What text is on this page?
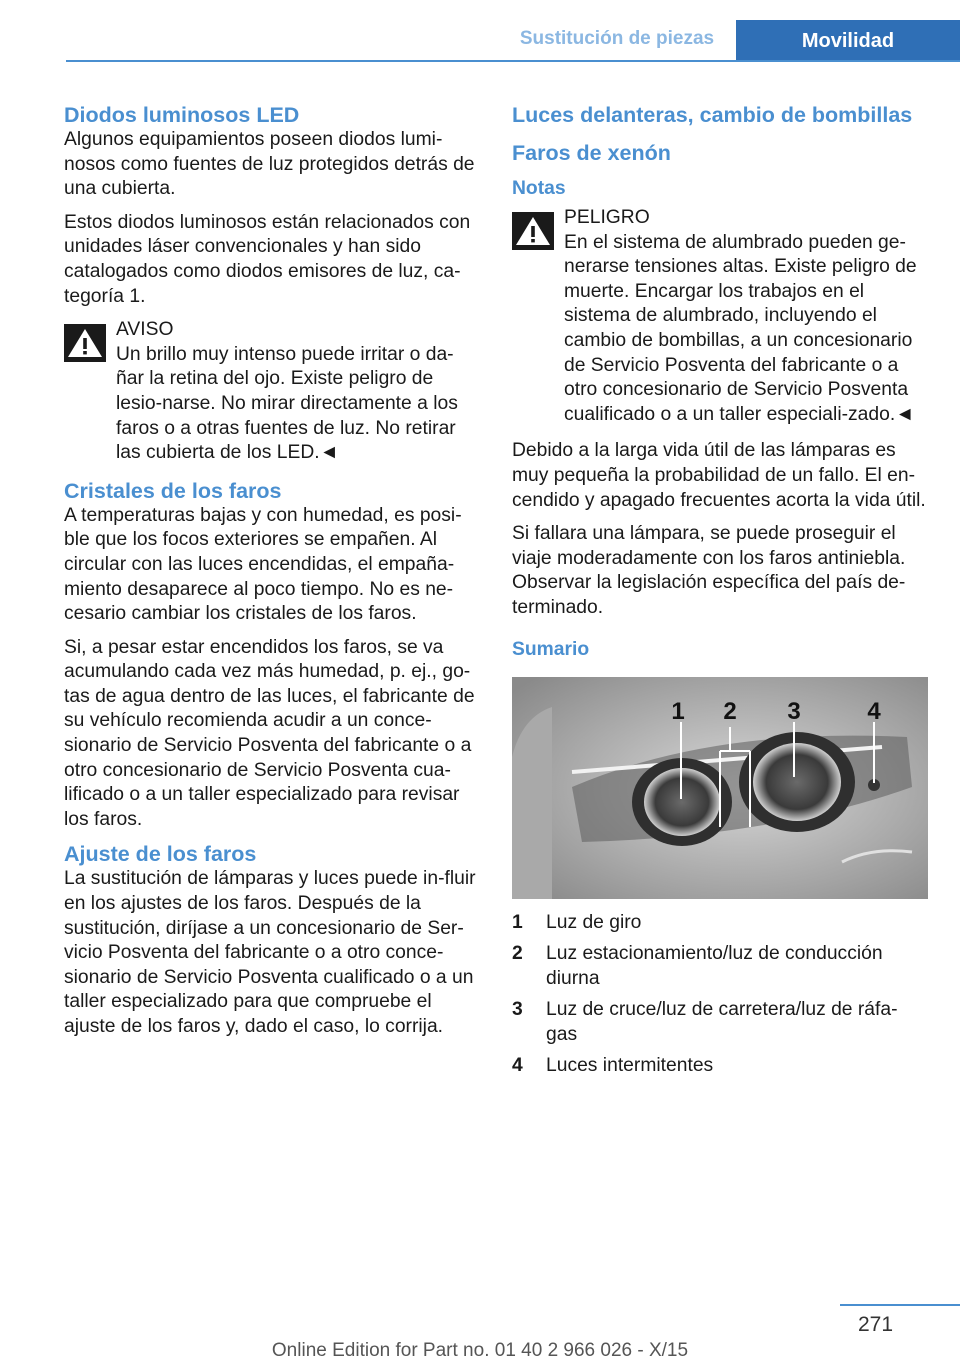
Sustitución de piezas	Movilidad
Diodos luminosos LED

Algunos equipamientos poseen diodos lumi-nosos como fuentes de luz protegidos detrás de una cubierta.

Estos diodos luminosos están relacionados con unidades láser convencionales y han sido catalogados como diodos emisores de luz, ca-tegoría 1.

AVISO
Un brillo muy intenso puede irritar o da-ñar la retina del ojo. Existe peligro de lesio-narse. No mirar directamente a los faros o a otras fuentes de luz. No retirar las cubierta de los LED.◄
Cristales de los faros

A temperaturas bajas y con humedad, es posi-ble que los focos exteriores se empañen. Al circular con las luces encendidas, el empaña-miento desaparece al poco tiempo. No es ne-cesario cambiar los cristales de los faros.

Si, a pesar estar encendidos los faros, se va acumulando cada vez más humedad, p. ej., go-tas de agua dentro de las luces, el fabricante de su vehículo recomienda acudir a un conce-sionario de Servicio Posventa del fabricante o a otro concesionario de Servicio Posventa cua-lificado o a un taller especializado para revisar los faros.

Ajuste de los faros

La sustitución de lámparas y luces puede in-fluir en los ajustes de los faros. Después de la sustitución, diríjase a un concesionario de Ser-vicio Posventa del fabricante o a otro conce-sionario de Servicio Posventa cualificado o a un taller especializado para que compruebe el ajuste de los faros y, dado el caso, lo corrija.

Luces delanteras, cambio de bombillas
Faros de xenón
Notas
PELIGRO
En el sistema de alumbrado pueden ge-nerarse tensiones altas. Existe peligro de muerte. Encargar los trabajos en el sistema de alumbrado, incluyendo el cambio de bombillas, a un concesionario de Servicio Posventa del fabricante o a otro concesionario de Servicio Posventa cualificado o a un taller especiali-zado.◄

Debido a la larga vida útil de las lámparas es muy pequeña la probabilidad de un fallo. El en-cendido y apagado frecuentes acorta la vida útil.

Si fallara una lámpara, se puede proseguir el viaje moderadamente con los faros antiniebla. Observar la legislación específica del país de-terminado.

Sumario
1 2 3	4
1	Luz de giro
2	Luz estacionamiento/luz de conducción diurna
3	Luz de cruce/luz de carretera/luz de ráfa-gas
4	Luces intermitentes
271
Online Edition for Part no. 01 40 2 966 026 - X/15
